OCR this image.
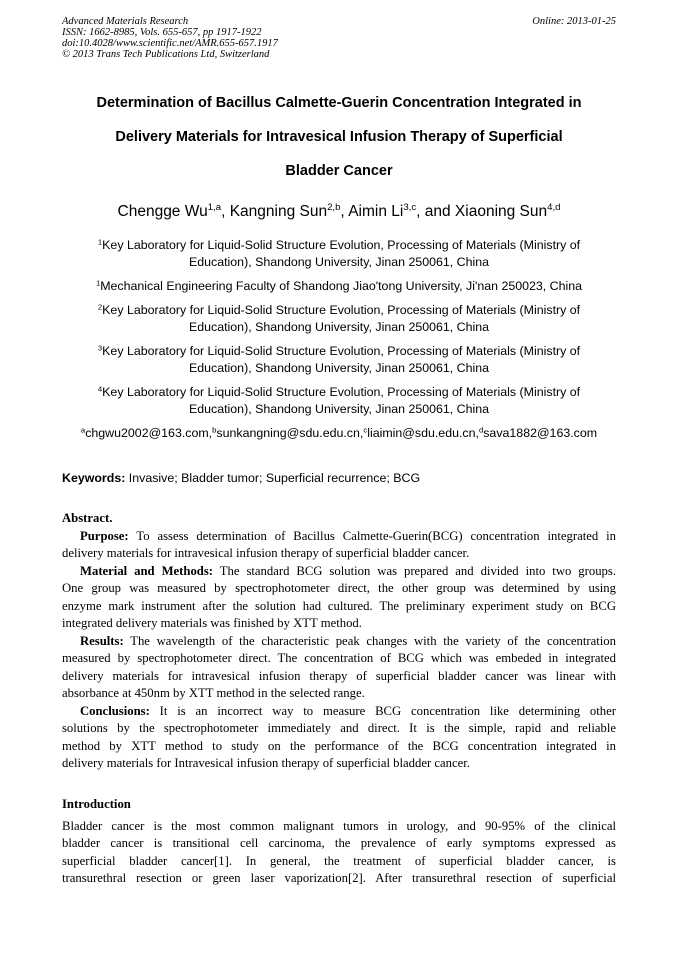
Advanced Materials Research
ISSN: 1662-8985, Vols. 655-657, pp 1917-1922
doi:10.4028/www.scientific.net/AMR.655-657.1917
© 2013 Trans Tech Publications Ltd, Switzerland
Online: 2013-01-25
Determination of Bacillus Calmette-Guerin Concentration Integrated in
Delivery Materials for Intravesical Infusion Therapy of Superficial
Bladder Cancer
Chengge Wu$^{1,a}$, Kangning Sun$^{2,b}$, Aimin Li$^{3,c}$, and Xiaoning Sun$^{4,d}$
$^1$Key Laboratory for Liquid-Solid Structure Evolution, Processing of Materials (Ministry of
Education), Shandong University, Jinan 250061, China
$^1$Mechanical Engineering Faculty of Shandong Jiao'tong University, Ji'nan 250023, China
$^2$Key Laboratory for Liquid-Solid Structure Evolution, Processing of Materials (Ministry of
Education), Shandong University, Jinan 250061, China
$^3$Key Laboratory for Liquid-Solid Structure Evolution, Processing of Materials (Ministry of
Education), Shandong University, Jinan 250061, China
$^4$Key Laboratory for Liquid-Solid Structure Evolution, Processing of Materials (Ministry of
Education), Shandong University, Jinan 250061, China
$^a$chgwu2002@163.com,$^b$sunkangning@sdu.edu.cn,$^c$liaimin@sdu.edu.cn,$^d$sava1882@163.com
Keywords: Invasive; Bladder tumor; Superficial recurrence; BCG
Abstract.
Purpose: To assess determination of Bacillus Calmette-Guerin(BCG) concentration integrated in
delivery materials for intravesical infusion therapy of superficial bladder cancer.
Material and Methods: The standard BCG solution was prepared and divided into two groups.
One group was measured by spectrophotometer direct, the other group was determined by using
enzyme mark instrument after the solution had cultured. The preliminary experiment study on BCG
integrated delivery materials was finished by XTT method.
Results: The wavelength of the characteristic peak changes with the variety of the concentration
measured by spectrophotometer direct. The concentration of BCG which was embeded in integrated
delivery materials for intravesical infusion therapy of superficial bladder cancer was linear with
absorbance at 450nm by XTT method in the selected range.
Conclusions: It is an incorrect way to measure BCG concentration like determining other
solutions by the spectrophotometer immediately and direct. It is the simple, rapid and reliable
method by XTT method to study on the performance of the BCG concentration integrated in
delivery materials for Intravesical infusion therapy of superficial bladder cancer.
Introduction
Bladder cancer is the most common malignant tumors in urology, and 90-95% of the clinical
bladder cancer is transitional cell carcinoma, the prevalence of early symptoms expressed as
superficial bladder cancer[1]. In general, the treatment of superficial bladder cancer, is
transurethral resection or green laser vaporization[2]. After transurethral resection of superficial
